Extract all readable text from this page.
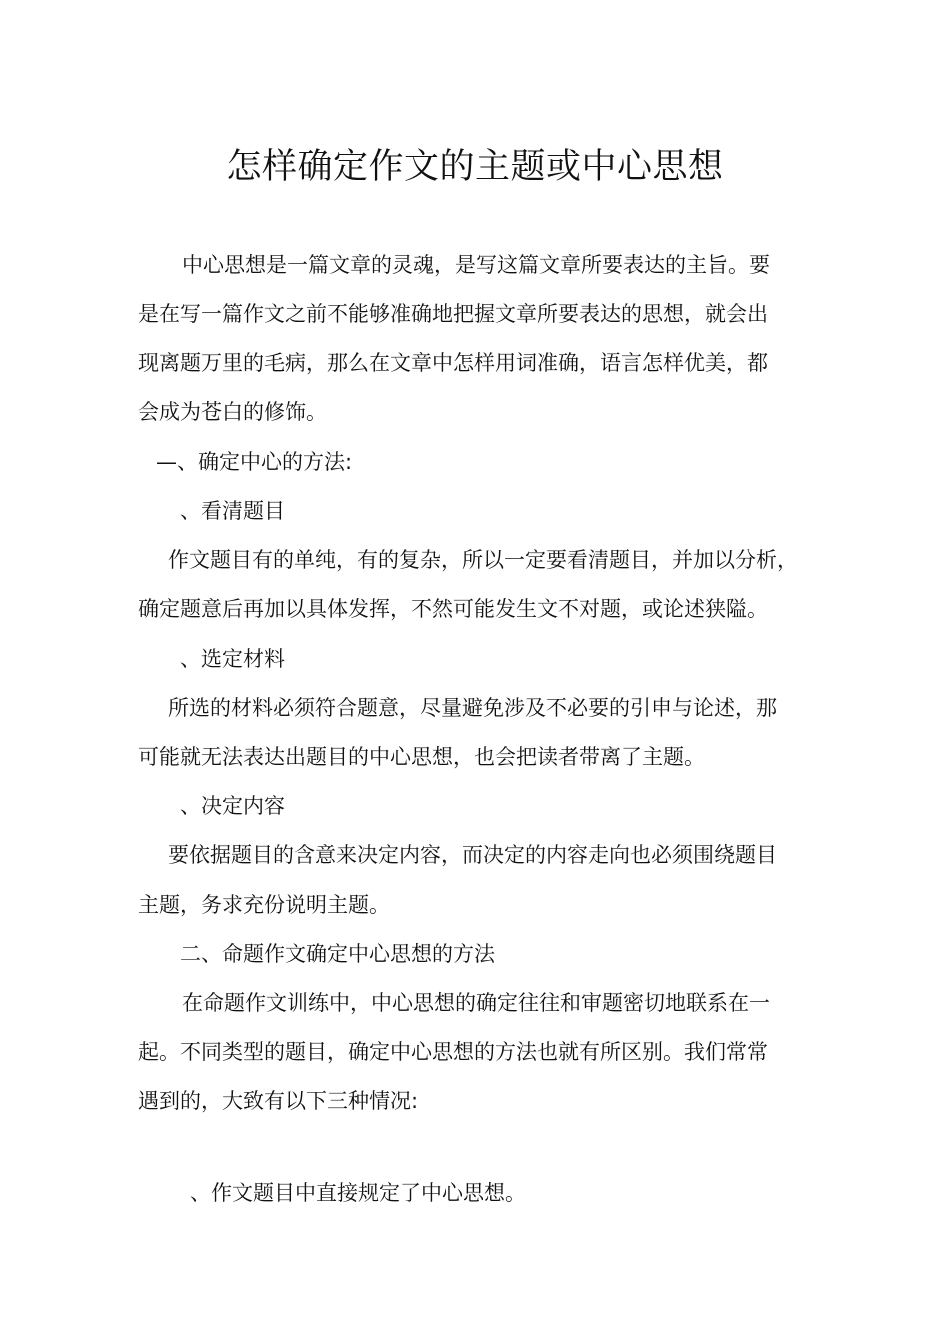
怎样确定作文的主题或中心思想
中心思想是一篇文章的灵魂，是写这篇文章所要表达的主旨。要
是在写一篇作文之前不能够准确地把握文章所要表达的思想，就会出
现离题万里的毛病，那么在文章中怎样用词准确，语言怎样优美，都
会成为苍白的修饰。
—、确定中心的方法:
、看清题目
作文题目有的单纯，有的复杂，所以一定要看清题目，并加以分析，
确定题意后再加以具体发挥，不然可能发生文不对题，或论述狭隘。
、选定材料
所选的材料必须符合题意，尽量避免涉及不必要的引申与论述，那
可能就无法表达出题目的中心思想，也会把读者带离了主题。
、决定内容
要依据题目的含意来决定内容，而决定的内容走向也必须围绕题目
主题，务求充份说明主题。
二、命题作文确定中心思想的方法
在命题作文训练中，中心思想的确定往往和审题密切地联系在一
起。不同类型的题目，确定中心思想的方法也就有所区别。我们常常
遇到的，大致有以下三种情况:
、作文题目中直接规定了中心思想。
